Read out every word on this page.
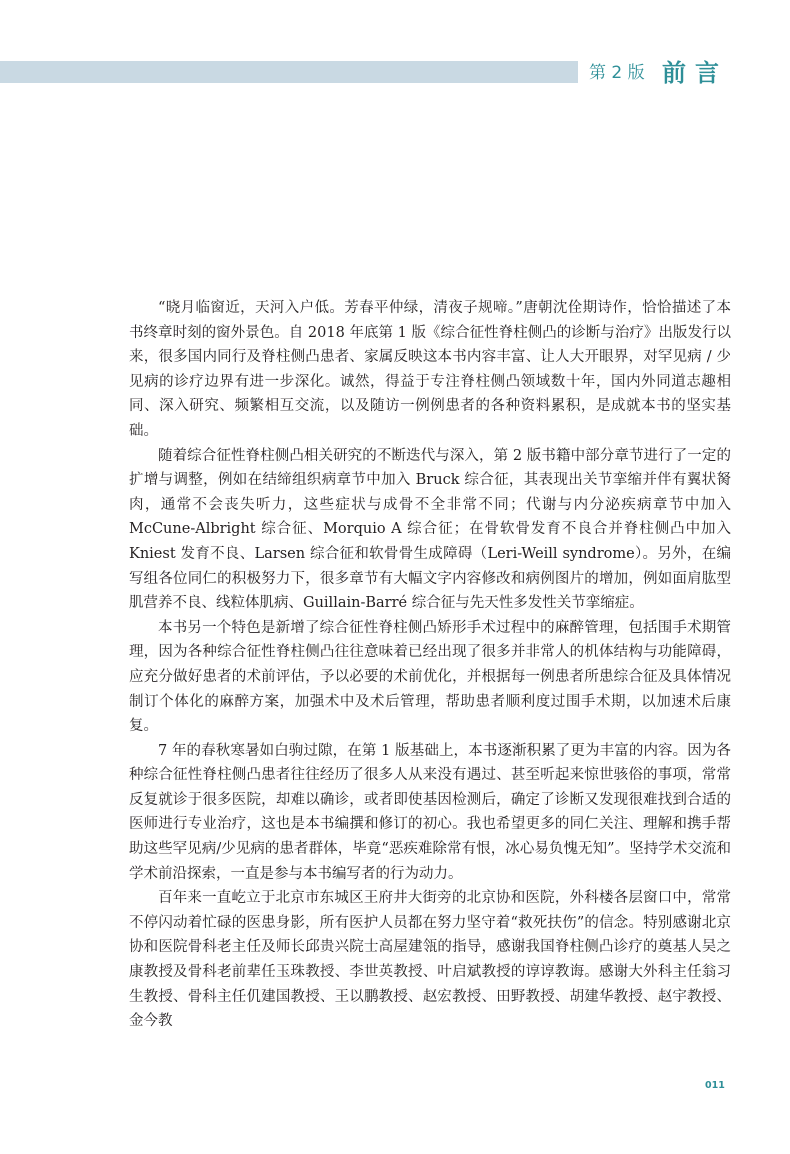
第 2 版 前言

“晓月临窗近，天河入户低。芳春平仲绿，清夜子规啼。”唐朝沈佺期诗作，恰恰描述了本书终章时刻的窗外景色。自 2018 年底第 1 版《综合征性脊柱侧凸的诊断与治疗》出版发行以来，很多国内同行及脊柱侧凸患者、家属反映这本书内容丰富、让人大开眼界，对罕见病 / 少见病的诊疗边界有进一步深化。诚然，得益于专注脊柱侧凸领域数十年，国内外同道志趣相同、深入研究、频繁相互交流，以及随访一例例患者的各种资料累积，是成就本书的坚实基础。

随着综合征性脊柱侧凸相关研究的不断迭代与深入，第 2 版书籍中部分章节进行了一定的扩增与调整，例如在结缔组织病章节中加入 Bruck 综合征，其表现出关节挛缩并伴有翼状胬肉，通常不会丧失听力，这些症状与成骨不全非常不同；代谢与内分泌疾病章节中加入 McCune-Albright 综合征、Morquio A 综合征；在骨软骨发育不良合并脊柱侧凸中加入 Kniest 发育不良、Larsen 综合征和软骨骨生成障碍（Leri-Weill syndrome）。另外，在编写组各位同仁的积极努力下，很多章节有大幅文字内容修改和病例图片的增加，例如面肩肱型肌营养不良、线粒体肌病、Guillain-Barré 综合征与先天性多发性关节挛缩症。

本书另一个特色是新增了综合征性脊柱侧凸矫形手术过程中的麻醉管理，包括围手术期管理，因为各种综合征性脊柱侧凸往往意味着已经出现了很多并非常人的机体结构与功能障碍，应充分做好患者的术前评估，予以必要的术前优化，并根据每一例患者所患综合征及具体情况制订个体化的麻醉方案，加强术中及术后管理，帮助患者顺利度过围手术期，以加速术后康复。

7 年的春秋寒暑如白驹过隙，在第 1 版基础上，本书逐渐积累了更为丰富的内容。因为各种综合征性脊柱侧凸患者往往经历了很多人从来没有遇过、甚至听起来惊世骇俗的事项，常常反复就诊于很多医院，却难以确诊，或者即使基因检测后，确定了诊断又发现很难找到合适的医师进行专业治疗，这也是本书编撰和修订的初心。我也希望更多的同仁关注、理解和携手帮助这些罕见病/少见病的患者群体，毕竟“恶疾难除常有恨，冰心易负愧无知”。坚持学术交流和学术前沿探索，一直是参与本书编写者的行为动力。

百年来一直屹立于北京市东城区王府井大街旁的北京协和医院，外科楼各层窗口中，常常不停闪动着忙碌的医患身影，所有医护人员都在努力坚守着“救死扶伤”的信念。特别感谢北京协和医院骨科老主任及师长邱贵兴院士高屋建瓴的指导，感谢我国脊柱侧凸诊疗的奠基人吴之康教授及骨科老前辈任玉珠教授、李世英教授、叶启斌教授的谆谆教诲。感谢大外科主任翁习生教授、骨科主任仉建国教授、王以鹏教授、赵宏教授、田野教授、胡建华教授、赵宇教授、金今教

011
